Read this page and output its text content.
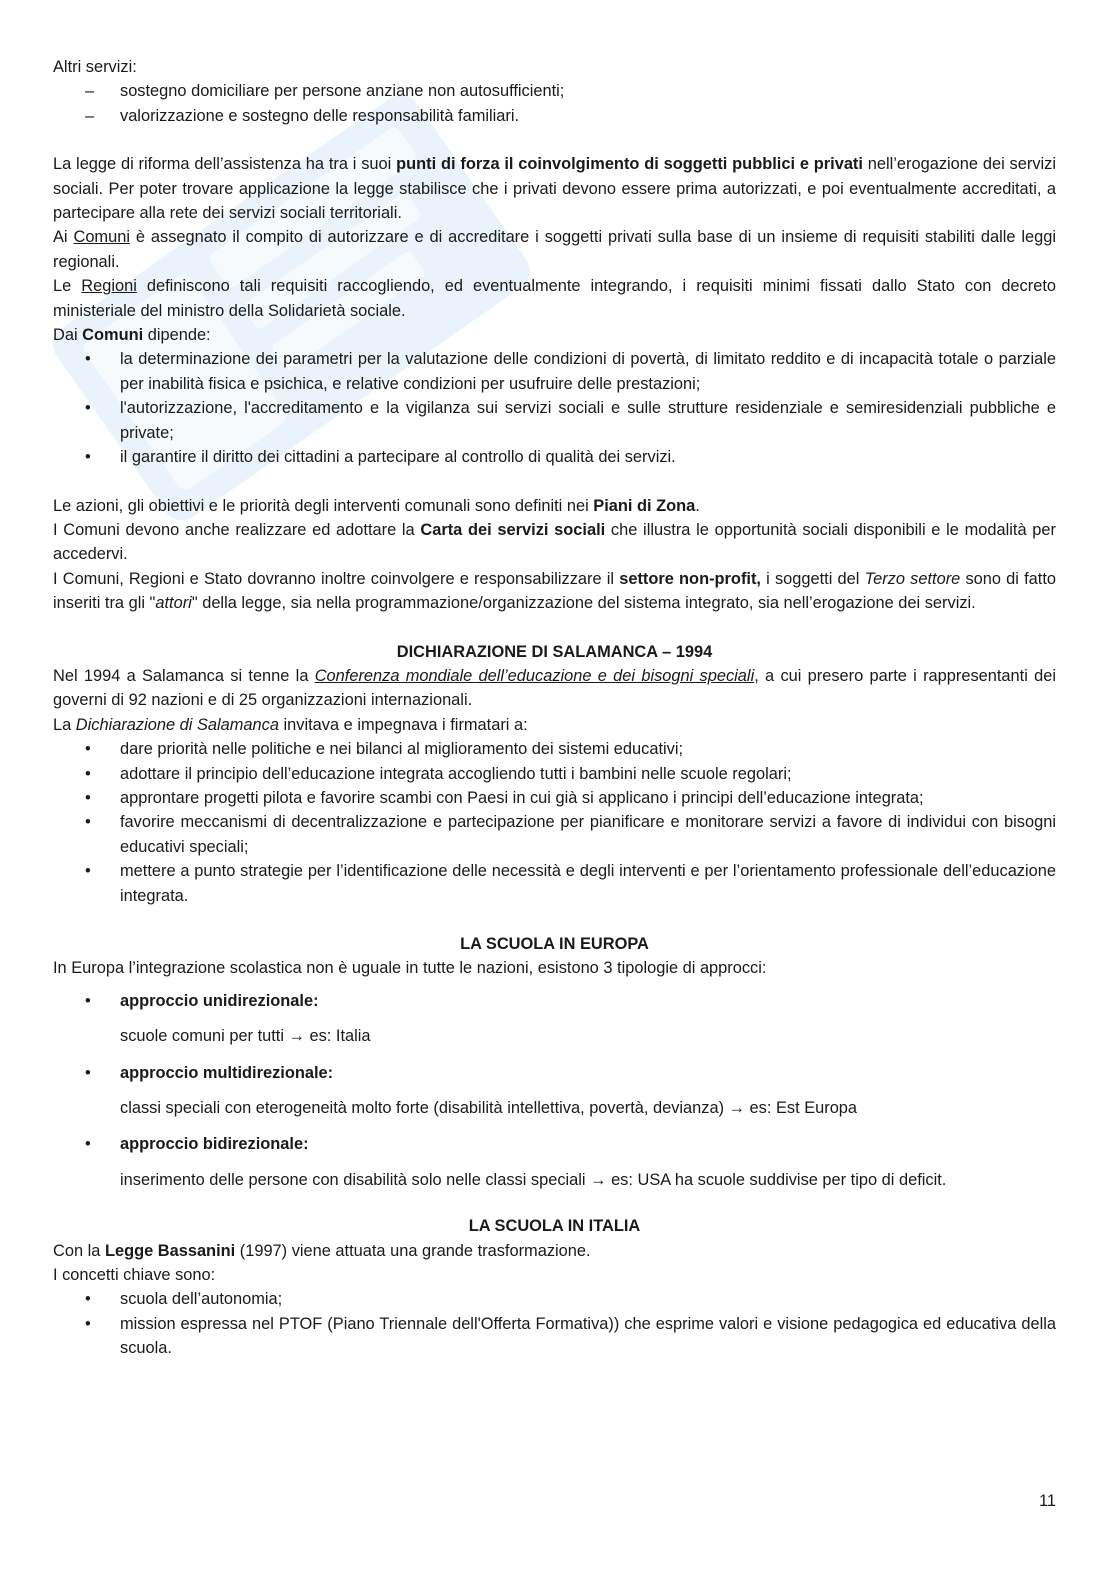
Altri servizi:

– sostegno domiciliare per persone anziane non autosufficienti;
– valorizzazione e sostegno delle responsabilità familiari.

La legge di riforma dell’assistenza ha tra i suoi punti di forza il coinvolgimento di soggetti pubblici e privati nell’erogazione dei servizi sociali. Per poter trovare applicazione la legge stabilisce che i privati devono essere prima autorizzati, e poi eventualmente accreditati, a partecipare alla rete dei servizi sociali territoriali.

Ai Comuni è assegnato il compito di autorizzare e di accreditare i soggetti privati sulla base di un insieme di requisiti stabiliti dalle leggi regionali.

Le Regioni definiscono tali requisiti raccogliendo, ed eventualmente integrando, i requisiti minimi fissati dallo Stato con decreto ministeriale del ministro della Solidarietà sociale.

Dai Comuni dipende:

• la determinazione dei parametri per la valutazione delle condizioni di povertà, di limitato reddito e di incapacità totale o parziale per inabilità fisica e psichica, e relative condizioni per usufruire delle prestazioni;
• l'autorizzazione, l'accreditamento e la vigilanza sui servizi sociali e sulle strutture residenziale e semiresidenziali pubbliche e private;
• il garantire il diritto dei cittadini a partecipare al controllo di qualità dei servizi.

Le azioni, gli obiettivi e le priorità degli interventi comunali sono definiti nei Piani di Zona.

I Comuni devono anche realizzare ed adottare la Carta dei servizi sociali che illustra le opportunità sociali disponibili e le modalità per accedervi.

I Comuni, Regioni e Stato dovranno inoltre coinvolgere e responsabilizzare il settore non-profit, i soggetti del Terzo settore sono di fatto inseriti tra gli "attori" della legge, sia nella programmazione/organizzazione del sistema integrato, sia nell’erogazione dei servizi.

DICHIARAZIONE DI SALAMANCA – 1994

Nel 1994 a Salamanca si tenne la Conferenza mondiale dell’educazione e dei bisogni speciali, a cui presero parte i rappresentanti dei governi di 92 nazioni e di 25 organizzazioni internazionali.

La Dichiarazione di Salamanca invitava e impegnava i firmatari a:

• dare priorità nelle politiche e nei bilanci al miglioramento dei sistemi educativi;
• adottare il principio dell’educazione integrata accogliendo tutti i bambini nelle scuole regolari;
• approntare progetti pilota e favorire scambi con Paesi in cui già si applicano i principi dell’educazione integrata;
• favorire meccanismi di decentralizzazione e partecipazione per pianificare e monitorare servizi a favore di individui con bisogni educativi speciali;
• mettere a punto strategie per l’identificazione delle necessità e degli interventi e per l’orientamento professionale dell’educazione integrata.

LA SCUOLA IN EUROPA

In Europa l’integrazione scolastica non è uguale in tutte le nazioni, esistono 3 tipologie di approcci:

• approccio unidirezionale:

scuole comuni per tutti → es: Italia

• approccio multidirezionale:

classi speciali con eterogeneità molto forte (disabilità intellettiva, povertà, devianza) → es: Est Europa

• approccio bidirezionale:

inserimento delle persone con disabilità solo nelle classi speciali → es: USA ha scuole suddivise per tipo di deficit.

LA SCUOLA IN ITALIA

Con la Legge Bassanini (1997) viene attuata una grande trasformazione.

I concetti chiave sono:

• scuola dell’autonomia;
• mission espressa nel PTOF (Piano Triennale dell'Offerta Formativa)) che esprime valori e visione pedagogica ed educativa della scuola.
11
